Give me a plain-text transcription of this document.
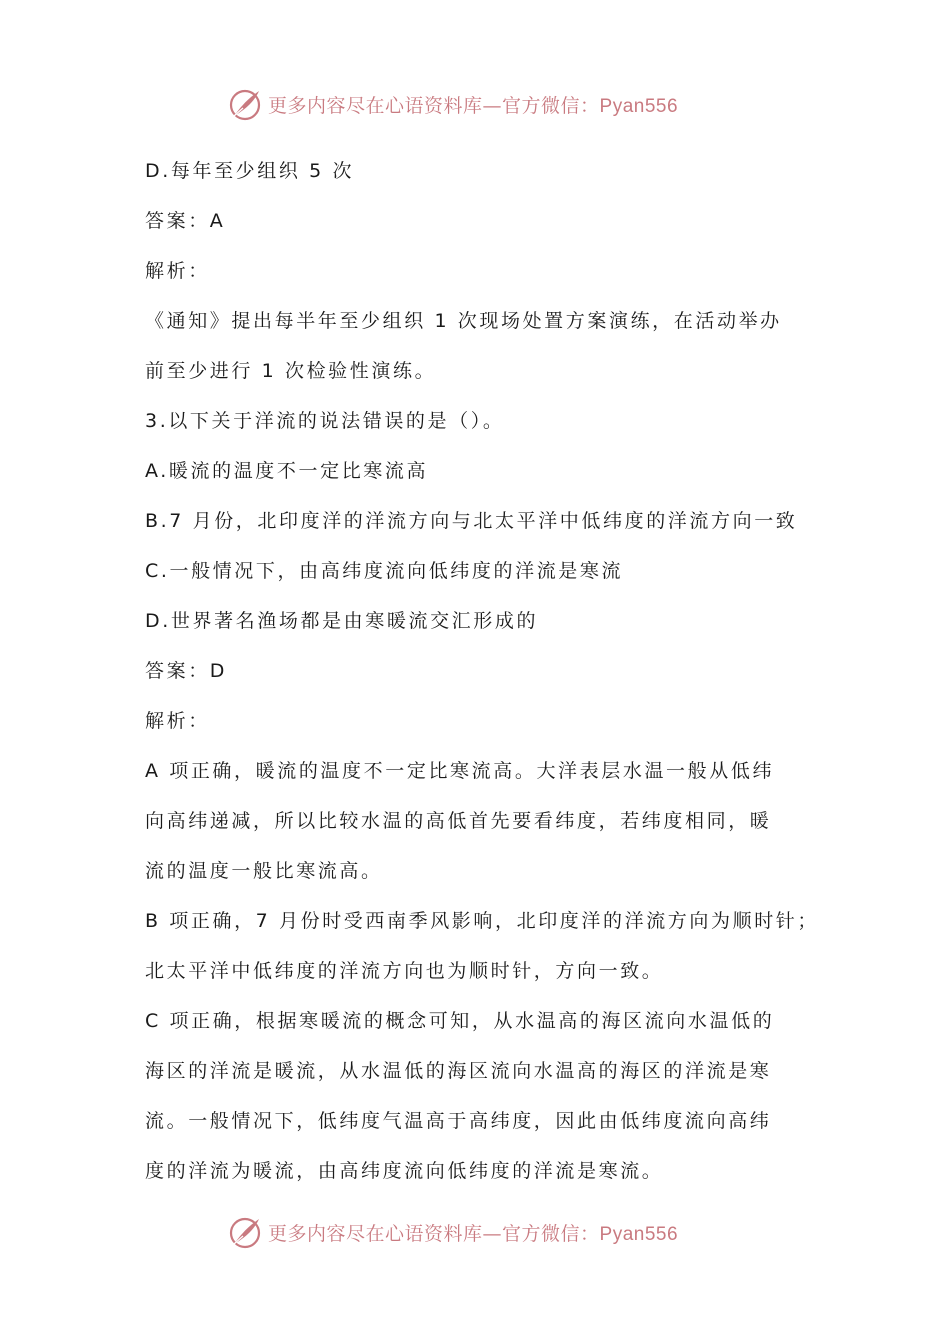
更多内容尽在心语资料库—官方微信：Pyan556
D.每年至少组织 5 次
答案：A
解析：
《通知》提出每半年至少组织 1 次现场处置方案演练，在活动举办
前至少进行 1 次检验性演练。
3.以下关于洋流的说法错误的是（）。
A.暖流的温度不一定比寒流高
B.7 月份，北印度洋的洋流方向与北太平洋中低纬度的洋流方向一致
C.一般情况下，由高纬度流向低纬度的洋流是寒流
D.世界著名渔场都是由寒暖流交汇形成的
答案：D
解析：
A 项正确，暖流的温度不一定比寒流高。大洋表层水温一般从低纬
向高纬递减，所以比较水温的高低首先要看纬度，若纬度相同，暖
流的温度一般比寒流高。
B 项正确，7 月份时受西南季风影响，北印度洋的洋流方向为顺时针；
北太平洋中低纬度的洋流方向也为顺时针，方向一致。
C 项正确，根据寒暖流的概念可知，从水温高的海区流向水温低的
海区的洋流是暖流，从水温低的海区流向水温高的海区的洋流是寒
流。一般情况下，低纬度气温高于高纬度，因此由低纬度流向高纬
度的洋流为暖流，由高纬度流向低纬度的洋流是寒流。
更多内容尽在心语资料库—官方微信：Pyan556
